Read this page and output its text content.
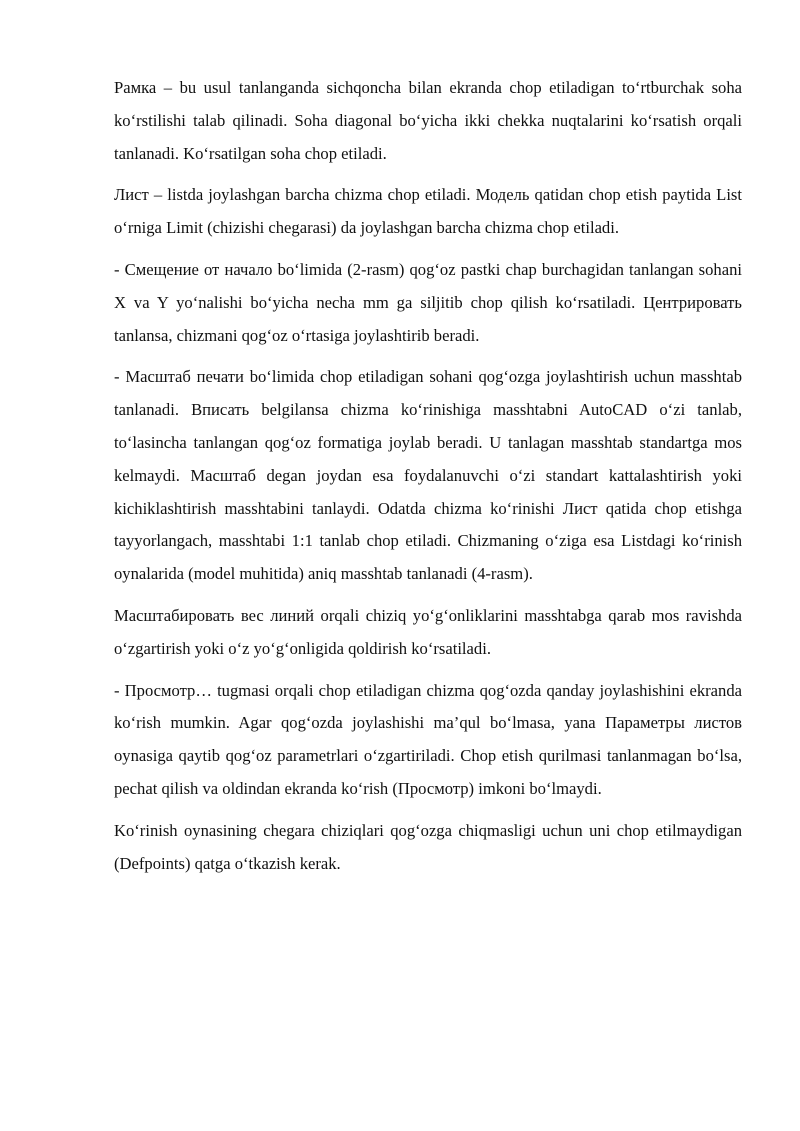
Рамка – bu usul tanlanganda sichqoncha bilan ekranda chop etiladigan to‘rtburchak soha ko‘rstilishi talab qilinadi. Soha diagonal bo‘yicha ikki chekka nuqtalarini ko‘rsatish orqali tanlanadi. Ko‘rsatilgan soha chop etiladi.

Лист – listda joylashgan barcha chizma chop etiladi. Модель qatidan chop etish paytida List o‘rniga Limit (chizishi chegarasi) da joylashgan barcha chizma chop etiladi.

- Смещение от начало bo‘limida (2-rasm) qog‘oz pastki chap burchagidan tanlangan sohani X va Y yo‘nalishi bo‘yicha necha mm ga siljitib chop qilish ko‘rsatiladi. Центрировать tanlansa, chizmani qog‘oz o‘rtasiga joylashtirib beradi.

- Масштаб печати bo‘limida chop etiladigan sohani qog‘ozga joylashtirish uchun masshtab tanlanadi. Вписать belgilansa chizma ko‘rinishiga masshtabni AutoCAD o‘zi tanlab, to‘lasincha tanlangan qog‘oz formatiga joylab beradi. U tanlagan masshtab standartga mos kelmaydi. Масштаб degan joydan esa foydalanuvchi o‘zi standart kattalashtirish yoki kichiklashtirish masshtabini tanlaydi. Odatda chizma ko‘rinishi Лист qatida chop etishga tayyorlangach, masshtabi 1:1 tanlab chop etiladi. Chizmaning o‘ziga esa Listdagi ko‘rinish oynalarida (model muhitida) aniq masshtab tanlanadi (4-rasm).

Масштабировать вес линий orqali chiziq yo‘g‘onliklarini masshtabga qarab mos ravishda o‘zgartirish yoki o‘z yo‘g‘onligida qoldirish ko‘rsatiladi.

- Просмотр… tugmasi orqali chop etiladigan chizma qog‘ozda qanday joylashishini ekranda ko‘rish mumkin. Agar qog‘ozda joylashishi ma’qul bo‘lmasa, yana Параметры листов oynasiga qaytib qog‘oz parametrlari o‘zgartiriladi. Chop etish qurilmasi tanlanmagan bo‘lsa, pechat qilish va oldindan ekranda ko‘rish (Просмотр) imkoni bo‘lmaydi.

Ko‘rinish oynasining chegara chiziqlari qog‘ozga chiqmasligi uchun uni chop etilmaydigan (Defpoints) qatga o‘tkazish kerak.
